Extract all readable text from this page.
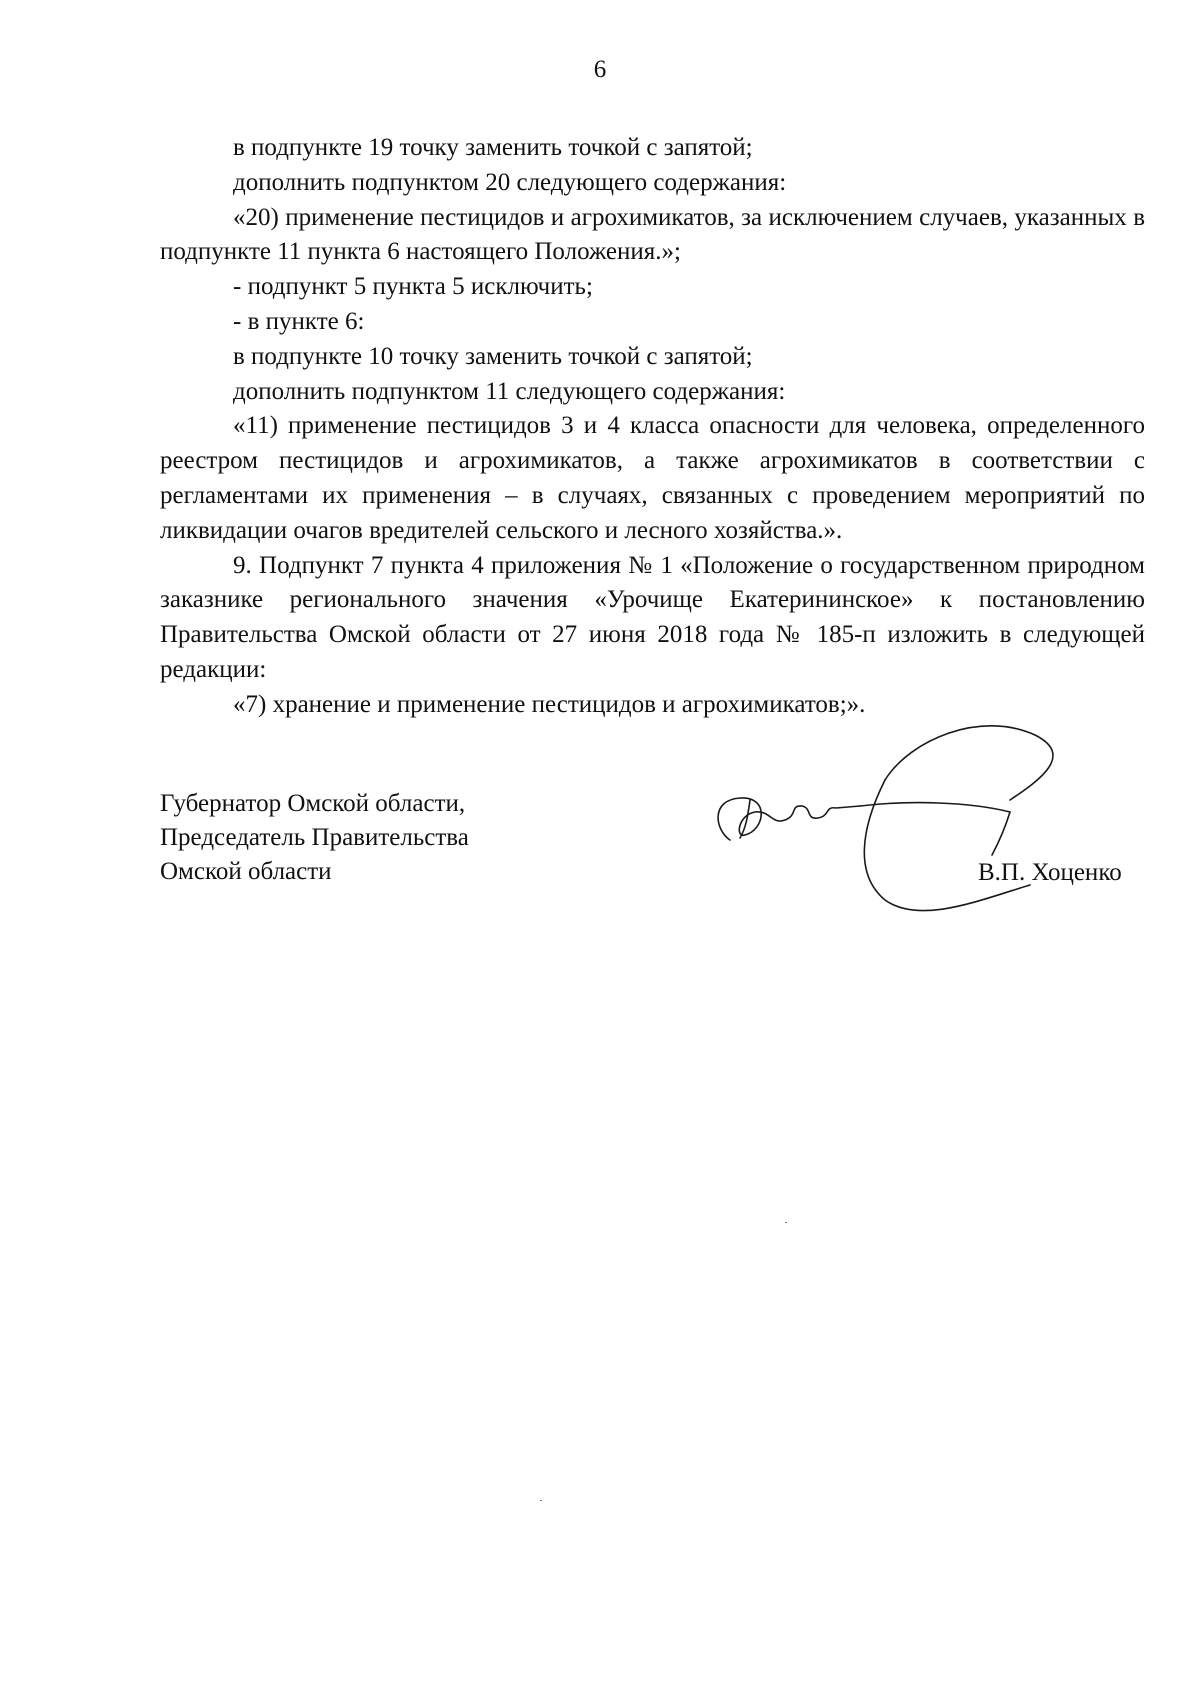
6

в подпункте 19 точку заменить точкой с запятой;

дополнить подпунктом 20 следующего содержания:

«20) применение пестицидов и агрохимикатов, за исключением случаев, указанных в подпункте 11 пункта 6 настоящего Положения.»;

- подпункт 5 пункта 5 исключить;

- в пункте 6:

в подпункте 10 точку заменить точкой с запятой;

дополнить подпунктом 11 следующего содержания:

«11) применение пестицидов 3 и 4 класса опасности для человека, определенного реестром пестицидов и агрохимикатов, а также агрохимикатов в соответствии с регламентами их применения – в случаях, связанных с проведением мероприятий по ликвидации очагов вредителей сельского и лесного хозяйства.».

9. Подпункт 7 пункта 4 приложения № 1 «Положение о государственном природном заказнике регионального значения «Урочище Екатерининское» к постановлению Правительства Омской области от 27 июня 2018 года № 185-п изложить в следующей редакции:

«7) хранение и применение пестицидов и агрохимикатов;».

Губернатор Омской области,
Председатель Правительства
Омской области	В.П. Хоценко
